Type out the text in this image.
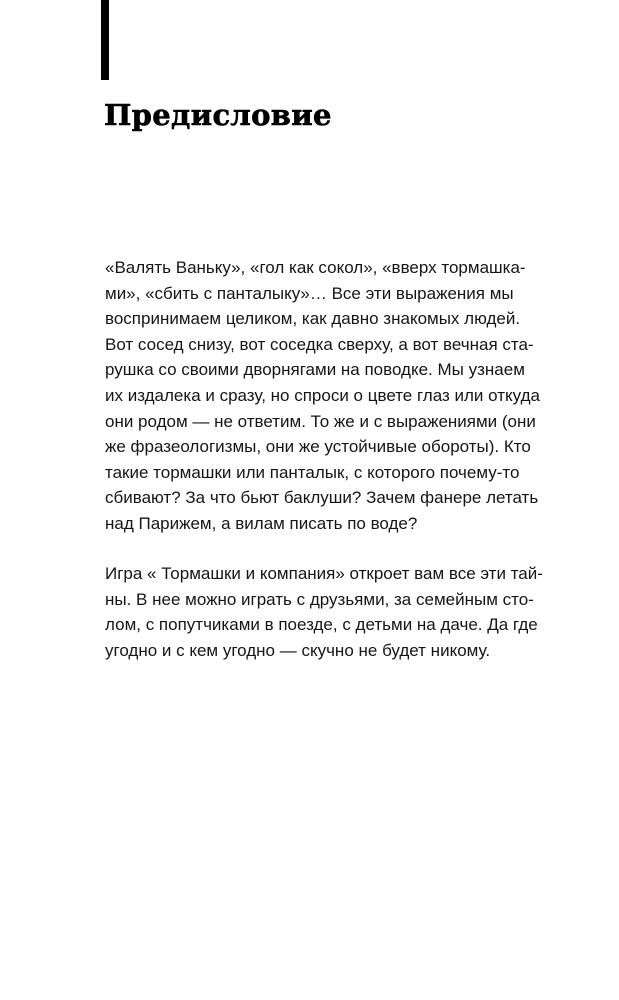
Предисловие
«Валять Ваньку», «гол как сокол», «вверх тормашка-
ми», «сбить с панталыку»… Все эти выражения мы
воспринимаем целиком, как давно знакомых людей.
Вот сосед снизу, вот соседка сверху, а вот вечная ста-
рушка со своими дворнягами на поводке. Мы узнаем
их издалека и сразу, но спроси о цвете глаз или откуда
они родом — не ответим. То же и с выражениями (они
же фразеологизмы, они же устойчивые обороты). Кто
такие тормашки или панталык, с которого почему-то
сбивают? За что бьют баклуши? Зачем фанере летать
над Парижем, а вилам писать по воде?
Игра « Тормашки и компания» откроет вам все эти тай-
ны. В нее можно играть с друзьями, за семейным сто-
лом, с попутчиками в поезде, с детьми на даче. Да где
угодно и с кем угодно — скучно не будет никому.
